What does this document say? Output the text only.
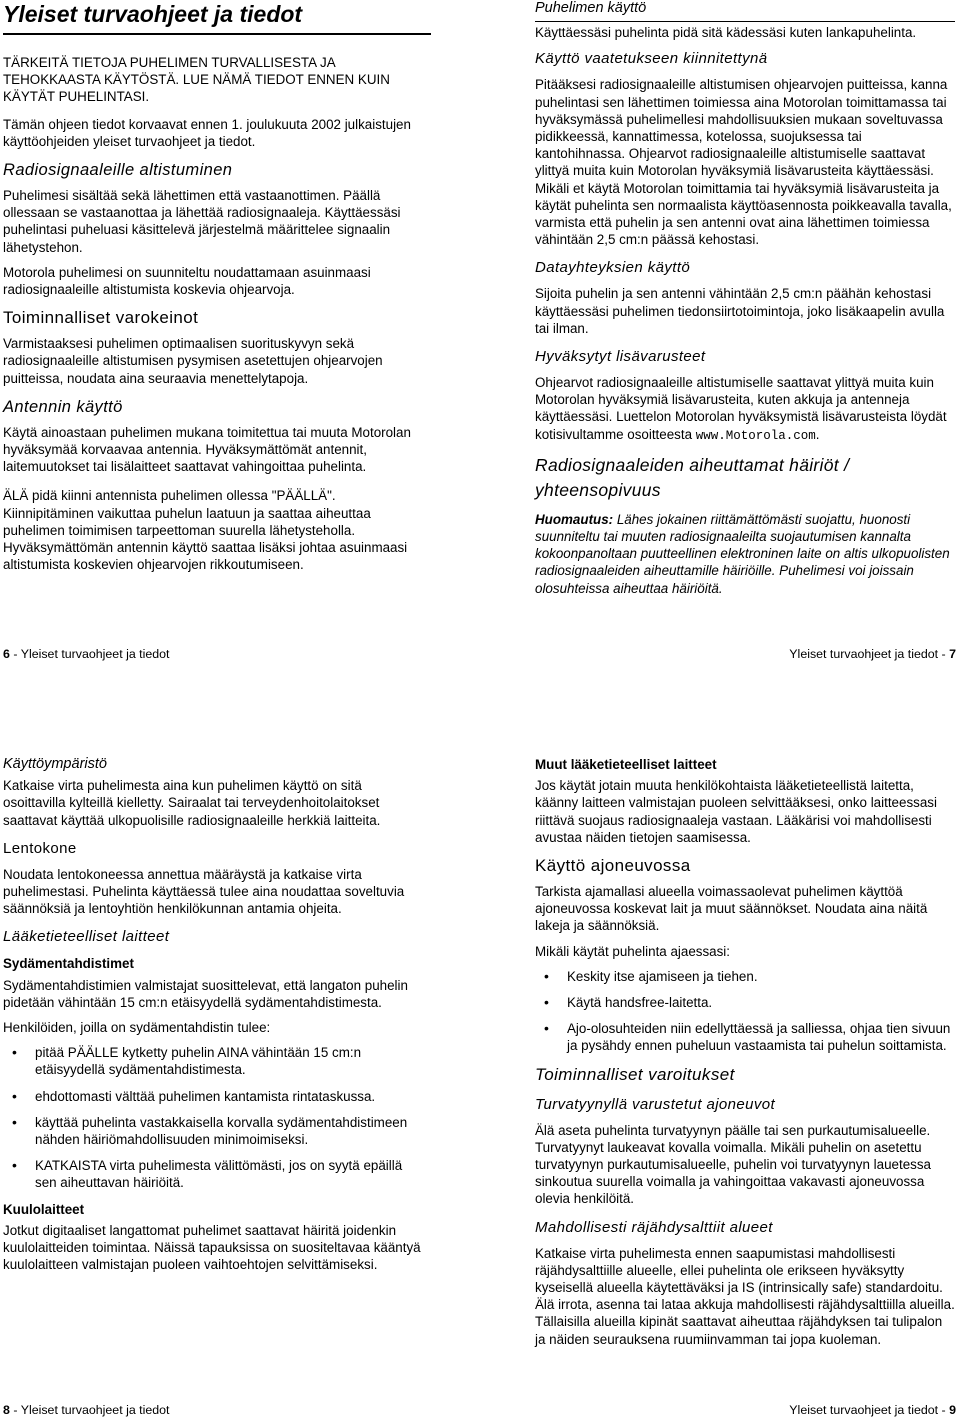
Yleiset turvaohjeet ja tiedot

TÄRKEITÄ TIETOJA PUHELIMEN TURVALLISESTA JA TEHOKKAASTA KÄYTÖSTÄ. LUE NÄMÄ TIEDOT ENNEN KUIN KÄYTÄT PUHELINTASI.

Tämän ohjeen tiedot korvaavat ennen 1. joulukuuta 2002 julkaistujen käyttöohjeiden yleiset turvaohjeet ja tiedot.

Radiosignaaleille altistuminen

Puhelimesi sisältää sekä lähettimen että vastaanottimen. Päällä ollessaan se vastaanottaa ja lähettää radiosignaaleja. Käyttäessäsi puhelintasi puheluasi käsittelevä järjestelmä määrittelee signaalin lähetystehon.

Motorola puhelimesi on suunniteltu noudattamaan asuinmaasi radiosignaaleille altistumista koskevia ohjearvoja.

Toiminnalliset varokeinot

Varmistaaksesi puhelimen optimaalisen suorituskyvyn sekä radiosignaaleille altistumisen pysymisen asetettujen ohjearvojen puitteissa, noudata aina seuraavia menettelytapoja.

Antennin käyttö

Käytä ainoastaan puhelimen mukana toimitettua tai muuta Motorolan hyväksymää korvaavaa antennia. Hyväksymättömät antennit, laitemuutokset tai lisälaitteet saattavat vahingoittaa puhelinta.

ÄLÄ pidä kiinni antennista puhelimen ollessa "PÄÄLLÄ". Kiinnipitäminen vaikuttaa puhelun laatuun ja saattaa aiheuttaa puhelimen toimimisen tarpeettoman suurella lähetysteholla. Hyväksymättömän antennin käyttö saattaa lisäksi johtaa asuinmaasi altistumista koskevien ohjearvojen rikkoutumiseen.

6 - Yleiset turvaohjeet ja tiedot
Puhelimen käyttö

Käyttäessäsi puhelinta pidä sitä kädessäsi kuten lankapuhelinta.

Käyttö vaatetukseen kiinnitettynä

Pitääksesi radiosignaaleille altistumisen ohjearvojen puitteissa, kanna puhelintasi sen lähettimen toimiessa aina Motorolan toimittamassa tai hyväksymässä puhelimellesi mahdollisuuksien mukaan soveltuvassa pidikkeessä, kannattimessa, kotelossa, suojuksessa tai kantohihnassa. Ohjearvot radiosignaaleille altistumiselle saattavat ylittyä muita kuin Motorolan hyväksymiä lisävarusteita käyttäessäsi. Mikäli et käytä Motorolan toimittamia tai hyväksymiä lisävarusteita ja käytät puhelinta sen normaalista käyttöasennosta poikkeavalla tavalla, varmista että puhelin ja sen antenni ovat aina lähettimen toimiessa vähintään 2,5 cm:n päässä kehostasi.

Datayhteyksien käyttö

Sijoita puhelin ja sen antenni vähintään 2,5 cm:n päähän kehostasi käyttäessäsi puhelimen tiedonsiirtotoimintoja, joko lisäkaapelin avulla tai ilman.

Hyväksytyt lisävarusteet

Ohjearvot radiosignaaleille altistumiselle saattavat ylittyä muita kuin Motorolan hyväksymiä lisävarusteita, kuten akkuja ja antenneja käyttäessäsi. Luettelon Motorolan hyväksymistä lisävarusteista löydät kotisivultamme osoitteesta www.Motorola.com.

Radiosignaaleiden aiheuttamat häiriöt / yhteensopivuus

Huomautus: Lähes jokainen riittämättömästi suojattu, huonosti suunniteltu tai muuten radiosignaaleilta suojautumisen kannalta kokoonpanoltaan puutteellinen elektroninen laite on altis ulkopuolisten radiosignaaleiden aiheuttamille häiriöille. Puhelimesi voi joissain olosuhteissa aiheuttaa häiriöitä.

Yleiset turvaohjeet ja tiedot - 7
Käyttöympäristö

Katkaise virta puhelimesta aina kun puhelimen käyttö on sitä osoittavilla kylteillä kielletty. Sairaalat tai terveydenhoitolaitokset saattavat käyttää ulkopuolisille radiosignaaleille herkkiä laitteita.

Lentokone

Noudata lentokoneessa annettua määräystä ja katkaise virta puhelimestasi. Puhelinta käyttäessä tulee aina noudattaa soveltuvia säännöksiä ja lentoyhtiön henkilökunnan antamia ohjeita.

Lääketieteelliset laitteet
Sydämentahdistimet

Sydämentahdistimien valmistajat suosittelevat, että langaton puhelin pidetään vähintään 15 cm:n etäisyydellä sydämentahdistimesta.

Henkilöiden, joilla on sydämentahdistin tulee:

• pitää PÄÄLLE kytketty puhelin AINA vähintään 15 cm:n etäisyydellä sydämentahdistimesta.
• ehdottomasti välttää puhelimen kantamista rintataskussa.
• käyttää puhelinta vastakkaisella korvalla sydämentahdistimeen nähden häiriömahdollisuuden minimoimiseksi.
• KATKAISTA virta puhelimesta välittömästi, jos on syytä epäillä sen aiheuttavan häiriöitä.
Kuulolaitteet

Jotkut digitaaliset langattomat puhelimet saattavat häiritä joidenkin kuulolaitteiden toimintaa. Näissä tapauksissa on suositeltavaa kääntyä kuulolaitteen valmistajan puoleen vaihtoehtojen selvittämiseksi.

8 - Yleiset turvaohjeet ja tiedot
Muut lääketieteelliset laitteet

Jos käytät jotain muuta henkilökohtaista lääketieteellistä laitetta, käänny laitteen valmistajan puoleen selvittääksesi, onko laitteessasi riittävä suojaus radiosignaaleja vastaan. Lääkärisi voi mahdollisesti avustaa näiden tietojen saamisessa.

Käyttö ajoneuvossa

Tarkista ajamallasi alueella voimassaolevat puhelimen käyttöä ajoneuvossa koskevat lait ja muut säännökset. Noudata aina näitä lakeja ja säännöksiä.

Mikäli käytät puhelinta ajaessasi:

• Keskity itse ajamiseen ja tiehen.
• Käytä handsfree-laitetta.
• Ajo-olosuhteiden niin edellyttäessä ja salliessa, ohjaa tien sivuun ja pysähdy ennen puheluun vastaamista tai puhelun soittamista.
Toiminnalliset varoitukset
Turvatyynyllä varustetut ajoneuvot

Älä aseta puhelinta turvatyynyn päälle tai sen purkautumisalueelle. Turvatyynyt laukeavat kovalla voimalla. Mikäli puhelin on asetettu turvatyynyn purkautumisalueelle, puhelin voi turvatyynyn lauetessa sinkoutua suurella voimalla ja vahingoittaa vakavasti ajoneuvossa olevia henkilöitä.

Mahdollisesti räjähdysalttiit alueet

Katkaise virta puhelimesta ennen saapumistasi mahdollisesti räjähdysalttiille alueelle, ellei puhelinta ole erikseen hyväksytty kyseisellä alueella käytettäväksi ja IS (intrinsically safe) standardoitu. Älä irrota, asenna tai lataa akkuja mahdollisesti räjähdysalttiilla alueilla. Tällaisilla alueilla kipinät saattavat aiheuttaa räjähdyksen tai tulipalon ja näiden seurauksena ruumiinvamman tai jopa kuoleman.

Yleiset turvaohjeet ja tiedot - 9
